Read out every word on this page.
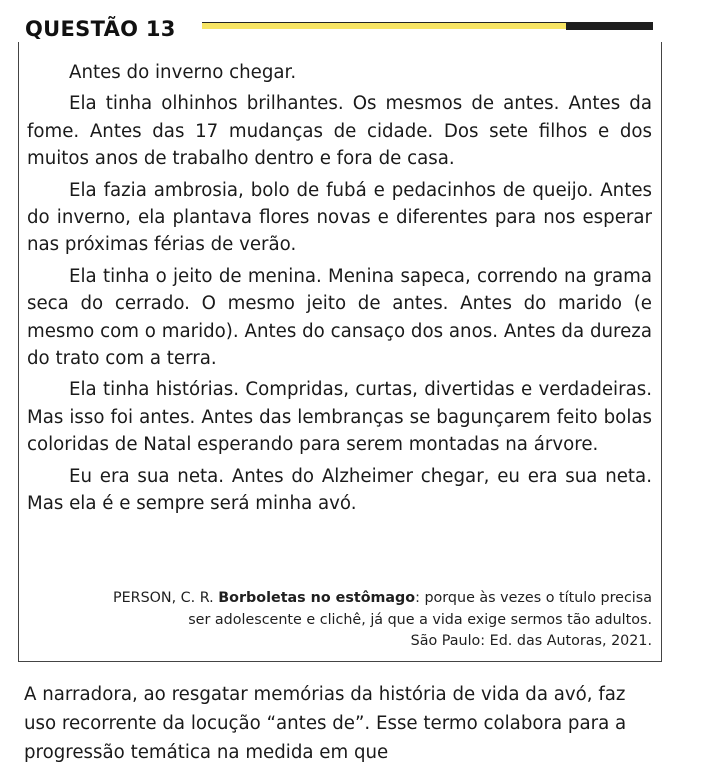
QUESTÃO 13

Antes do inverno chegar.

Ela tinha olhinhos brilhantes. Os mesmos de antes. Antes da fome. Antes das 17 mudanças de cidade. Dos sete filhos e dos muitos anos de trabalho dentro e fora de casa.

Ela fazia ambrosia, bolo de fubá e pedacinhos de queijo. Antes do inverno, ela plantava flores novas e diferentes para nos esperar nas próximas férias de verão.

Ela tinha o jeito de menina. Menina sapeca, correndo na grama seca do cerrado. O mesmo jeito de antes. Antes do marido (e mesmo com o marido). Antes do cansaço dos anos. Antes da dureza do trato com a terra.

Ela tinha histórias. Compridas, curtas, divertidas e verdadeiras. Mas isso foi antes. Antes das lembranças se bagunçarem feito bolas coloridas de Natal esperando para serem montadas na árvore.

Eu era sua neta. Antes do Alzheimer chegar, eu era sua neta. Mas ela é e sempre será minha avó.

PERSON, C. R. Borboletas no estômago: porque às vezes o título precisa
ser adolescente e clichê, já que a vida exige sermos tão adultos.
São Paulo: Ed. das Autoras, 2021.
A narradora, ao resgatar memórias da história de vida da avó, faz uso recorrente da locução “antes de”. Esse termo colabora para a progressão temática na medida em que
